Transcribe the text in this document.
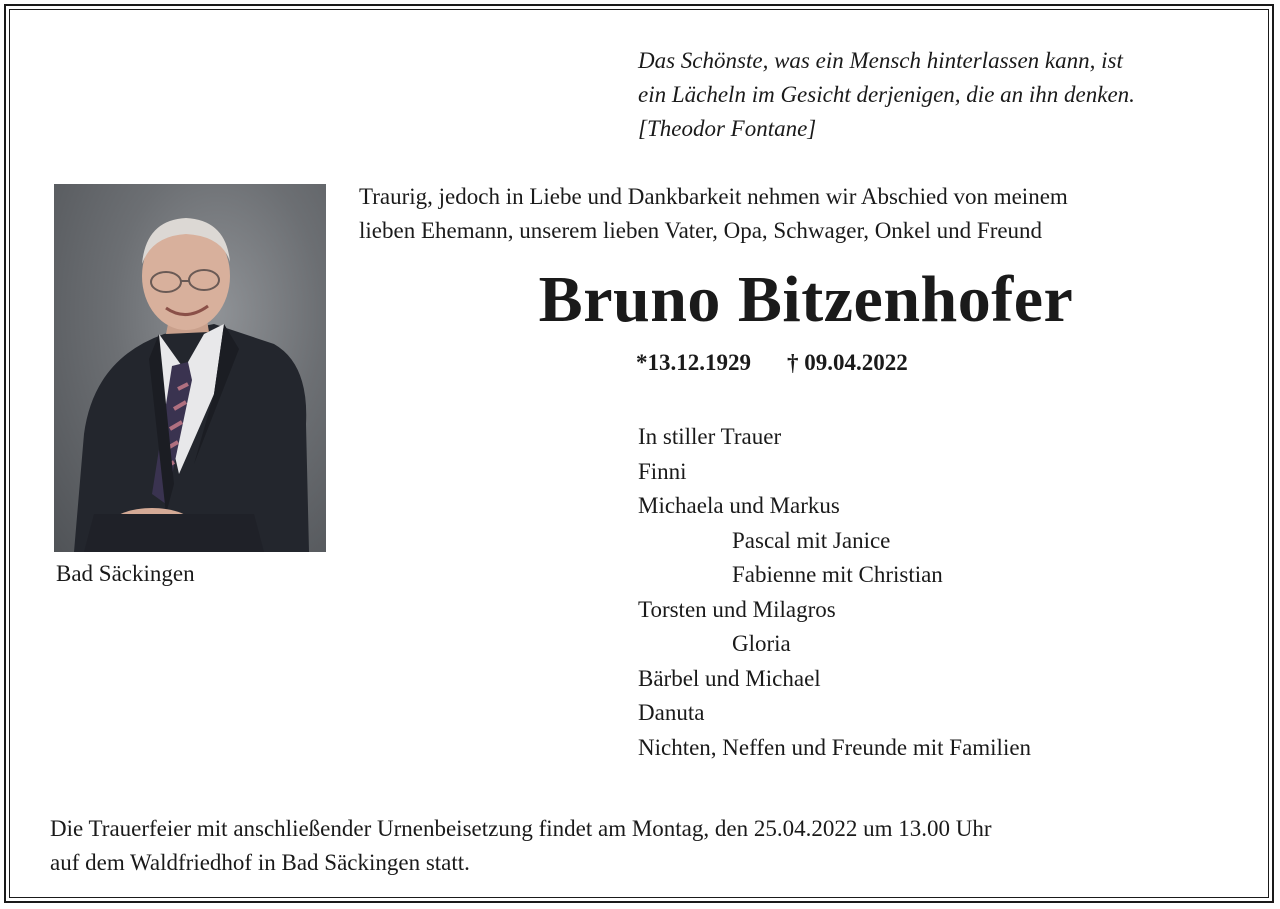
Das Schönste, was ein Mensch hinterlassen kann, ist
ein Lächeln im Gesicht derjenigen, die an ihn denken.
[Theodor Fontane]
Bad Säckingen
Traurig, jedoch in Liebe und Dankbarkeit nehmen wir Abschied von meinem
lieben Ehemann, unserem lieben Vater, Opa, Schwager, Onkel und Freund
Bruno Bitzenhofer
*13.12.1929 † 09.04.2022
In stiller Trauer
Finni
Michaela und Markus
Pascal mit Janice
Fabienne mit Christian
Torsten und Milagros
Gloria
Bärbel und Michael
Danuta
Nichten, Neffen und Freunde mit Familien
Die Trauerfeier mit anschließender Urnenbeisetzung findet am Montag, den 25.04.2022 um 13.00 Uhr
auf dem Waldfriedhof in Bad Säckingen statt.
